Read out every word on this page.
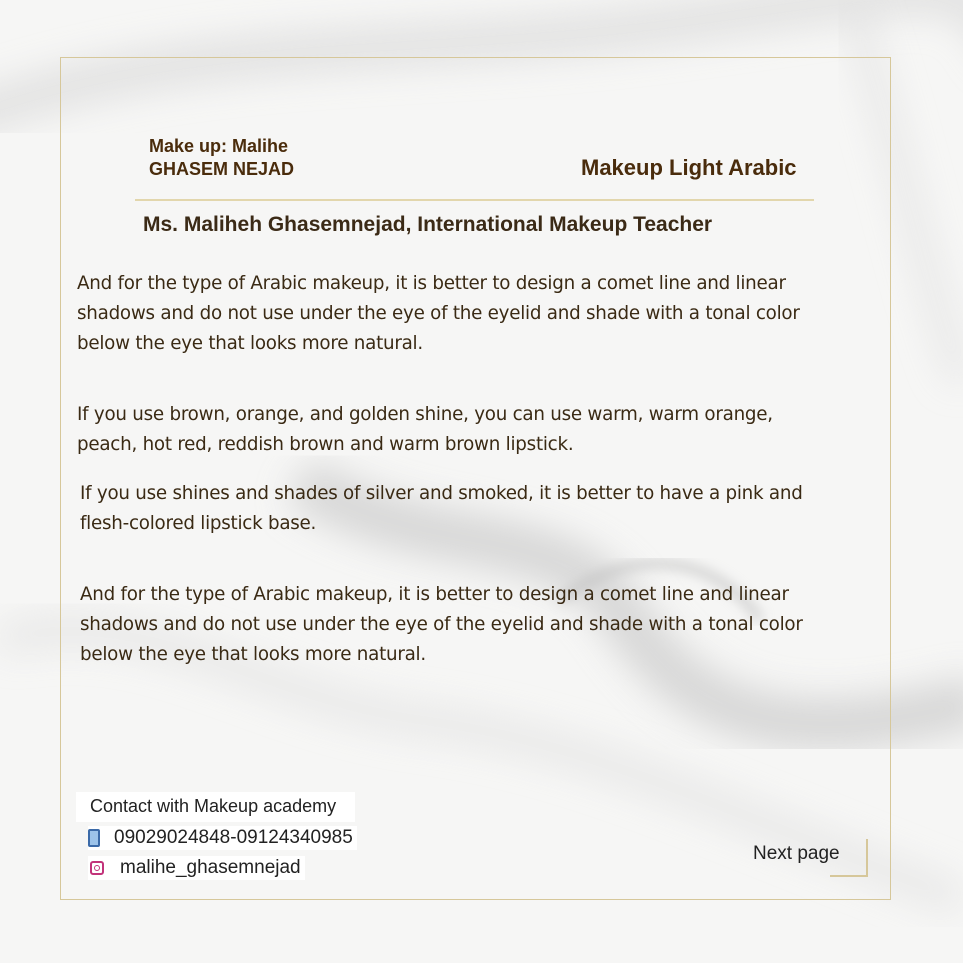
Make up: Malihe
GHASEM NEJAD	Makeup Light Arabic
Ms. Maliheh Ghasemnejad, International Makeup Teacher
And for the type of Arabic makeup, it is better to design a comet line and linear
shadows and do not use under the eye of the eyelid and shade with a tonal color
below the eye that looks more natural.
If you use brown, orange, and golden shine, you can use warm, warm orange,
peach, hot red, reddish brown and warm brown lipstick.
If you use shines and shades of silver and smoked, it is better to have a pink and
flesh-colored lipstick base.
And for the type of Arabic makeup, it is better to design a comet line and linear
shadows and do not use under the eye of the eyelid and shade with a tonal color
below the eye that looks more natural.
Contact with Makeup academy
09029024848-09124340985
malihe_ghasemnejad
Next page
